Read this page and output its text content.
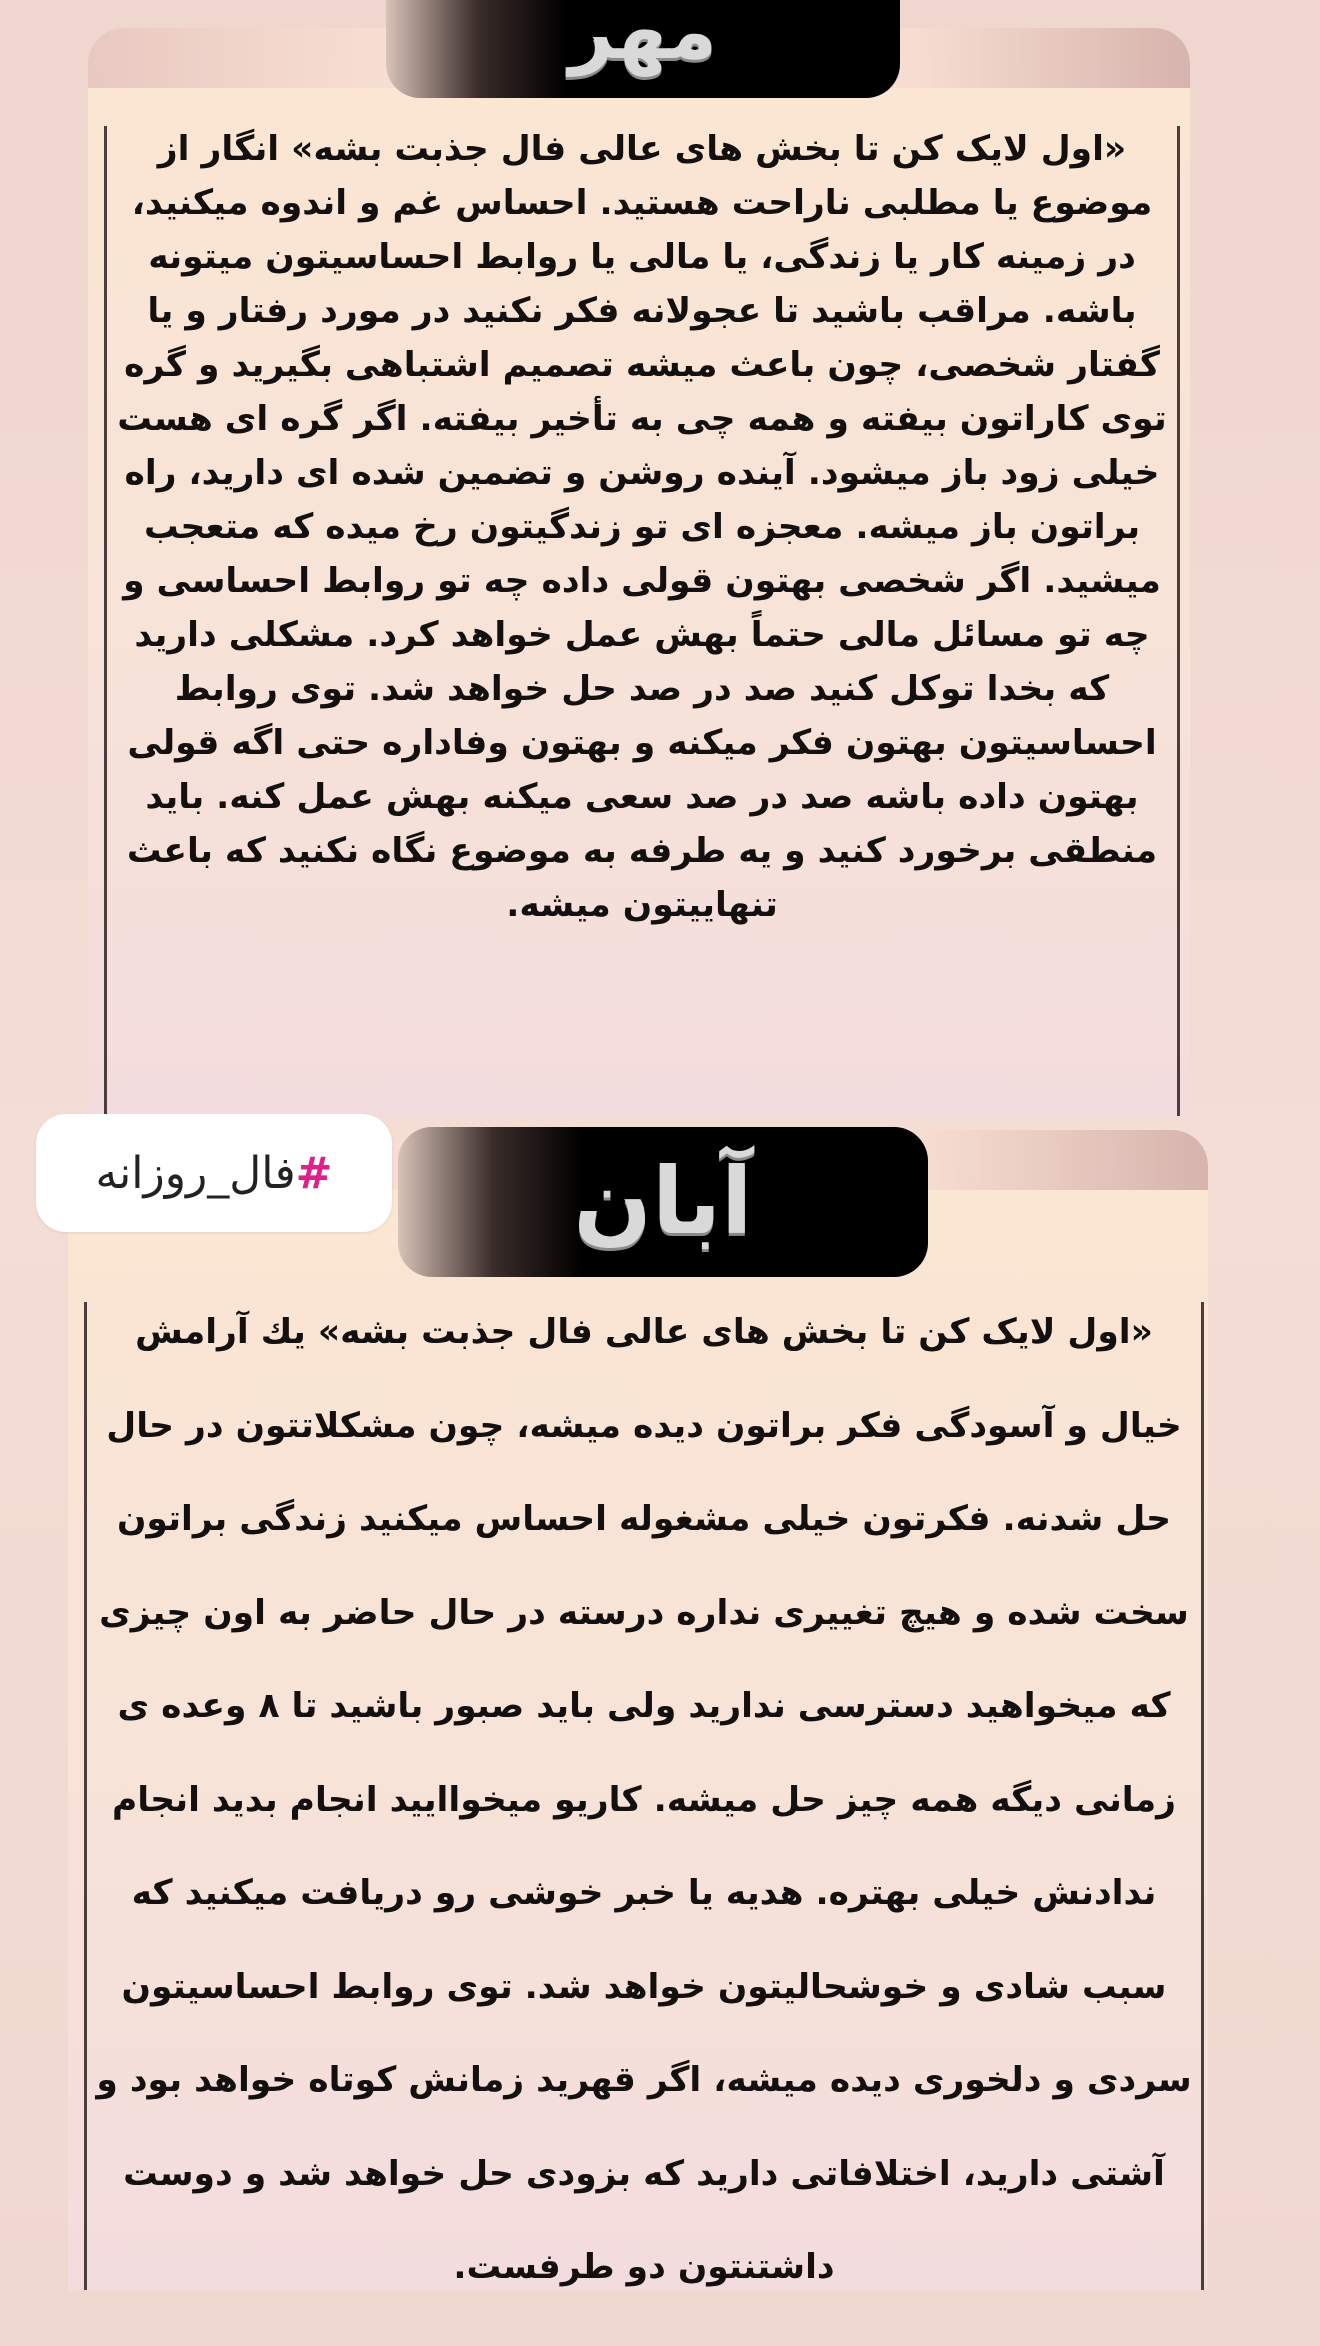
مهر

«اول لایک کن تا بخش های عالی فال جذبت بشه» انگار از موضوع یا مطلبی ناراحت هستید. احساس غم و اندوه میکنید، در زمینه کار یا زندگی، یا مالی یا روابط احساسیتون میتونه باشه. مراقب باشید تا عجولانه فکر نکنید در مورد رفتار و یا گفتار شخصی، چون باعث میشه تصمیم اشتباهی بگیرید و گره توی کاراتون بیفته و همه چی به تأخیر بیفته. اگر گره ای هست خیلی زود باز میشود. آینده روشن و تضمین شده ای دارید، راه براتون باز میشه. معجزه ای تو زندگیتون رخ میده که متعجب میشید. اگر شخصی بهتون قولی داده چه تو روابط احساسی و چه تو مسائل مالی حتماً بهش عمل خواهد کرد. مشکلی دارید که بخدا توکل کنید صد در صد حل خواهد شد. توی روابط احساسیتون بهتون فکر میکنه و بهتون وفاداره حتی اگه قولی بهتون داده باشه صد در صد سعی میکنه بهش عمل کنه. باید منطقی برخورد کنید و یه طرفه به موضوع نگاه نکنید که باعث تنهاییتون میشه.

آبان

«اول لایک کن تا بخش های عالی فال جذبت بشه» یك آرامش خیال و آسودگی فکر براتون دیده میشه، چون مشکلاتتون در حال حل شدنه. فکرتون خیلی مشغوله احساس میکنید زندگی براتون سخت شده و هیچ تغییری نداره درسته در حال حاضر به اون چیزی که میخواهید دسترسی ندارید ولی باید صبور باشید تا ۸ وعده ی زمانی دیگه همه چیز حل میشه. کاریو میخواایید انجام بدید انجام ندادنش خیلی بهتره. هدیه یا خبر خوشی رو دریافت میکنید که سبب شادی و خوشحالیتون خواهد شد. توی روابط احساسیتون سردی و دلخوری دیده میشه، اگر قهرید زمانش کوتاه خواهد بود و آشتی دارید، اختلافاتی دارید که بزودی حل خواهد شد و دوست داشتنتون دو طرفست.

#
فال_روزانه
